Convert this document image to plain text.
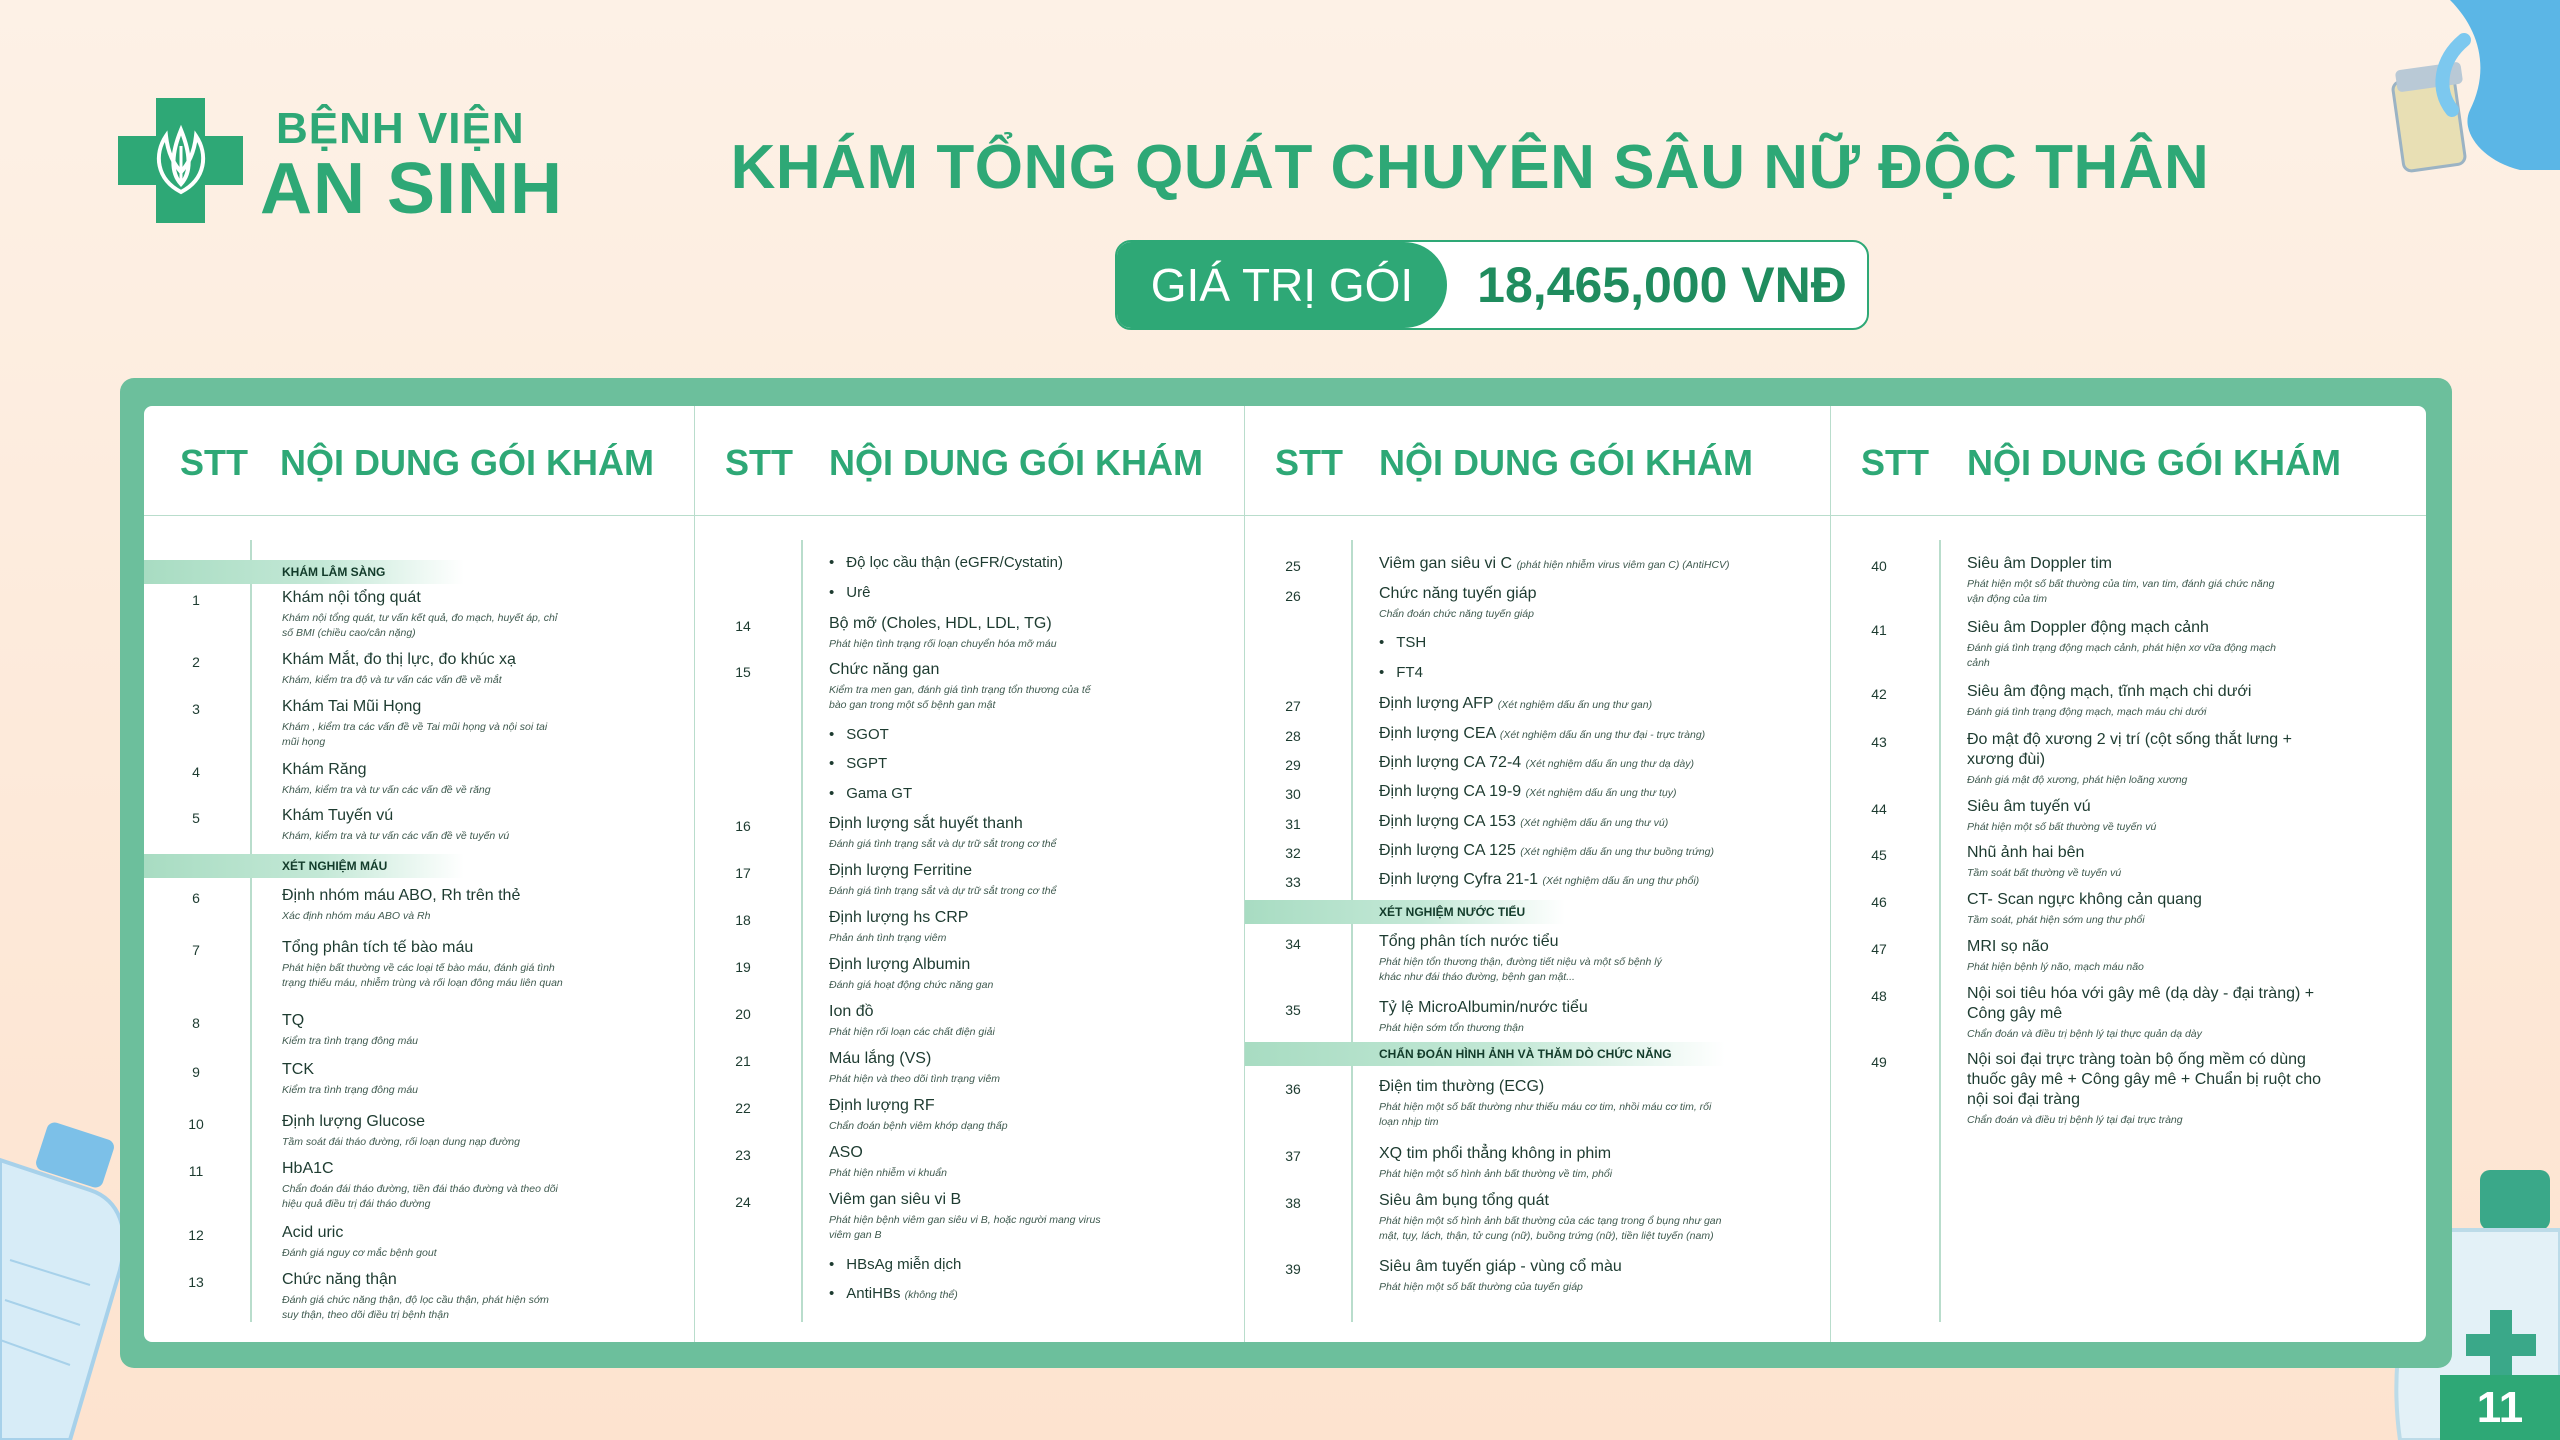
BỆNH VIỆN
AN SINH	KHÁM TỔNG QUÁT CHUYÊN SÂU NỮ ĐỘC THÂN
GIÁ TRỊ GÓI	18,465,000 VNĐ
11
STT NỘI DUNG GÓI KHÁM
KHÁM LÂM SÀNG
1	Khám nội tổng quát
Khám nội tổng quát, tư vấn kết quả, đo mạch, huyết áp, chỉ
số BMI (chiều cao/cân nặng)
2	Khám Mắt, đo thị lực, đo khúc xạ
Khám, kiểm tra độ và tư vấn các vấn đề về mắt
3	Khám Tai Mũi Họng
Khám , kiểm tra các vấn đề về Tai mũi họng và nội soi tai
mũi họng
4	Khám Răng
Khám, kiểm tra và tư vấn các vấn đề về răng
5	Khám Tuyến vú
Khám, kiểm tra và tư vấn các vấn đề về tuyến vú
XÉT NGHIỆM MÁU
6	Định nhóm máu ABO, Rh trên thẻ
Xác định nhóm máu ABO và Rh
7	Tổng phân tích tế bào máu
Phát hiện bất thường về các loại tế bào máu, đánh giá tình
trạng thiếu máu, nhiễm trùng và rối loạn đông máu liên quan
8	TQ
Kiểm tra tình trạng đông máu
9	TCK
Kiểm tra tình trạng đông máu
10	Định lượng Glucose
Tầm soát đái tháo đường, rối loạn dung nạp đường
11	HbA1C
Chẩn đoán đái tháo đường, tiền đái tháo đường và theo dõi
hiệu quả điều trị đái tháo đường
12	Acid uric
Đánh giá nguy cơ mắc bệnh gout
13	Chức năng thận
Đánh giá chức năng thận, độ lọc cầu thận, phát hiện sớm
suy thận, theo dõi điều trị bệnh thận
STT NỘI DUNG GÓI KHÁM
• Độ lọc cầu thận (eGFR/Cystatin)
• Urê
14	Bộ mỡ (Choles, HDL, LDL, TG)
Phát hiện tình trạng rối loạn chuyển hóa mỡ máu
15	Chức năng gan
Kiểm tra men gan, đánh giá tình trạng tổn thương của tế
bào gan trong một số bệnh gan mật
• SGOT
• SGPT
• Gama GT
16	Định lượng sắt huyết thanh
Đánh giá tình trạng sắt và dự trữ sắt trong cơ thể
17	Định lượng Ferritine
Đánh giá tình trạng sắt và dự trữ sắt trong cơ thể
18	Định lượng hs CRP
Phản ánh tình trạng viêm
19	Định lượng Albumin
Đánh giá hoạt động chức năng gan
20	Ion đồ
Phát hiện rối loạn các chất điện giải
21	Máu lắng (VS)
Phát hiện và theo dõi tình trạng viêm
22	Định lượng RF
Chẩn đoán bệnh viêm khớp dạng thấp
23	ASO
Phát hiện nhiễm vi khuẩn
24	Viêm gan siêu vi B
Phát hiện bệnh viêm gan siêu vi B, hoặc người mang virus
viêm gan B
• HBsAg miễn dịch
• AntiHBs (không thể)
STT NỘI DUNG GÓI KHÁM
25	Viêm gan siêu vi C (phát hiện nhiễm virus viêm gan C) (AntiHCV)
26	Chức năng tuyến giáp
Chẩn đoán chức năng tuyến giáp
• TSH
• FT4
27	Định lượng AFP (Xét nghiệm dấu ấn ung thư gan)
28	Định lượng CEA (Xét nghiệm dấu ấn ung thư đại - trực tràng)
29	Định lượng CA 72-4 (Xét nghiệm dấu ấn ung thư dạ dày)
30	Định lượng CA 19-9 (Xét nghiệm dấu ấn ung thư tụy)
31	Định lượng CA 153 (Xét nghiệm dấu ấn ung thư vú)
32	Định lượng CA 125 (Xét nghiệm dấu ấn ung thư buồng trứng)
33	Định lượng Cyfra 21-1 (Xét nghiệm dấu ấn ung thư phổi)
XÉT NGHIỆM NƯỚC TIỂU
34	Tổng phân tích nước tiểu
Phát hiện tổn thương thận, đường tiết niệu và một số bệnh lý
khác như đái tháo đường, bệnh gan mật...
35	Tỷ lệ MicroAlbumin/nước tiểu
Phát hiện sớm tổn thương thận
CHẨN ĐOÁN HÌNH ẢNH VÀ THĂM DÒ CHỨC NĂNG
36	Điện tim thường (ECG)
Phát hiện một số bất thường như thiếu máu cơ tim, nhồi máu cơ tim, rối
loạn nhịp tim
37	XQ tim phổi thẳng không in phim
Phát hiện một số hình ảnh bất thường về tim, phổi
38	Siêu âm bụng tổng quát
Phát hiện một số hình ảnh bất thường của các tạng trong ổ bụng như gan
mật, tụy, lách, thận, tử cung (nữ), buồng trứng (nữ), tiền liệt tuyến (nam)
39	Siêu âm tuyến giáp - vùng cổ màu
Phát hiện một số bất thường của tuyến giáp
STT NỘI DUNG GÓI KHÁM
40	Siêu âm Doppler tim
Phát hiện một số bất thường của tim, van tim, đánh giá chức năng
vận động của tim
41	Siêu âm Doppler động mạch cảnh
Đánh giá tình trạng động mạch cảnh, phát hiện xơ vữa động mạch
cảnh
42	Siêu âm động mạch, tĩnh mạch chi dưới
Đánh giá tình trạng động mạch, mạch máu chi dưới
43	Đo mật độ xương 2 vị trí (cột sống thắt lưng +
xương đùi)
Đánh giá mật độ xương, phát hiện loãng xương
44	Siêu âm tuyến vú
Phát hiện một số bất thường về tuyến vú
45	Nhũ ảnh hai bên
Tầm soát bất thường về tuyến vú
46	CT- Scan ngực không cản quang
Tầm soát, phát hiện sớm ung thư phổi
47	MRI sọ não
Phát hiện bệnh lý não, mạch máu não
48	Nội soi tiêu hóa với gây mê (dạ dày - đại tràng) +
Công gây mê
Chẩn đoán và điều trị bệnh lý tại thực quản dạ dày
49	Nội soi đại trực tràng toàn bộ ống mềm có dùng
thuốc gây mê + Công gây mê + Chuẩn bị ruột cho
nội soi đại tràng
Chẩn đoán và điều trị bệnh lý tại đại trực tràng
